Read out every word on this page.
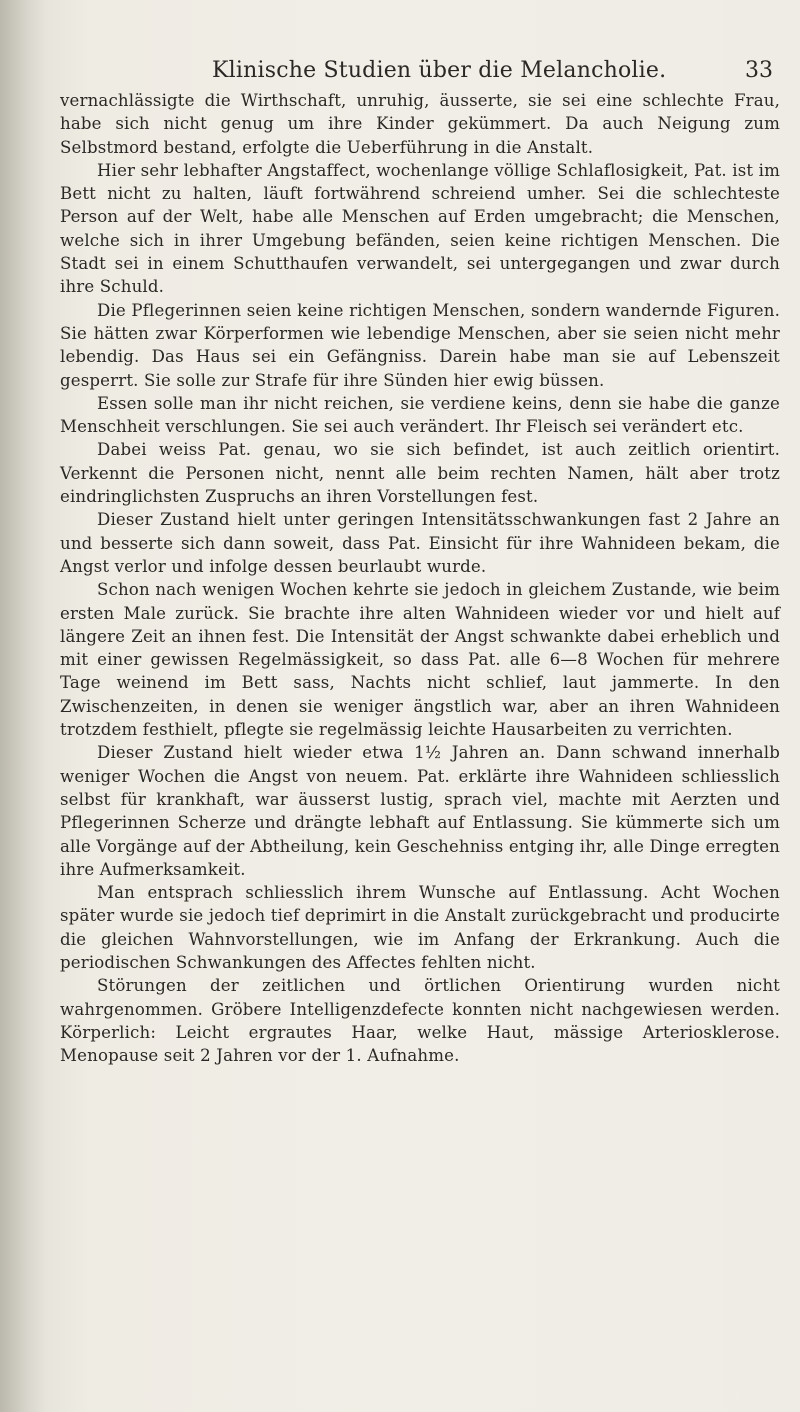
Klinische Studien über die Melancholie.	33

vernachlässigte die Wirthschaft, unruhig, äusserte, sie sei eine schlechte Frau, habe sich nicht genug um ihre Kinder gekümmert. Da auch Neigung zum Selbstmord bestand, erfolgte die Ueberführung in die Anstalt.

Hier sehr lebhafter Angstaffect, wochenlange völlige Schlaflosigkeit, Pat. ist im Bett nicht zu halten, läuft fortwährend schreiend umher. Sei die schlechteste Person auf der Welt, habe alle Menschen auf Erden umgebracht; die Menschen, welche sich in ihrer Umgebung befänden, seien keine richtigen Menschen. Die Stadt sei in einem Schutthaufen verwandelt, sei untergegangen und zwar durch ihre Schuld.

Die Pflegerinnen seien keine richtigen Menschen, sondern wandernde Figuren. Sie hätten zwar Körperformen wie lebendige Menschen, aber sie seien nicht mehr lebendig. Das Haus sei ein Gefängniss. Darein habe man sie auf Lebenszeit gesperrt. Sie solle zur Strafe für ihre Sünden hier ewig büssen.

Essen solle man ihr nicht reichen, sie verdiene keins, denn sie habe die ganze Menschheit verschlungen. Sie sei auch verändert. Ihr Fleisch sei verändert etc.

Dabei weiss Pat. genau, wo sie sich befindet, ist auch zeitlich orientirt. Verkennt die Personen nicht, nennt alle beim rechten Namen, hält aber trotz eindringlichsten Zuspruchs an ihren Vorstellungen fest.

Dieser Zustand hielt unter geringen Intensitätsschwankungen fast 2 Jahre an und besserte sich dann soweit, dass Pat. Einsicht für ihre Wahnideen bekam, die Angst verlor und infolge dessen beurlaubt wurde.

Schon nach wenigen Wochen kehrte sie jedoch in gleichem Zustande, wie beim ersten Male zurück. Sie brachte ihre alten Wahnideen wieder vor und hielt auf längere Zeit an ihnen fest. Die Intensität der Angst schwankte dabei erheblich und mit einer gewissen Regelmässigkeit, so dass Pat. alle 6—8 Wochen für mehrere Tage weinend im Bett sass, Nachts nicht schlief, laut jammerte. In den Zwischenzeiten, in denen sie weniger ängstlich war, aber an ihren Wahnideen trotzdem festhielt, pflegte sie regelmässig leichte Hausarbeiten zu verrichten.

Dieser Zustand hielt wieder etwa 1½ Jahren an. Dann schwand innerhalb weniger Wochen die Angst von neuem. Pat. erklärte ihre Wahnideen schliesslich selbst für krankhaft, war äusserst lustig, sprach viel, machte mit Aerzten und Pflegerinnen Scherze und drängte lebhaft auf Entlassung. Sie kümmerte sich um alle Vorgänge auf der Abtheilung, kein Geschehniss entging ihr, alle Dinge erregten ihre Aufmerksamkeit.

Man entsprach schliesslich ihrem Wunsche auf Entlassung. Acht Wochen später wurde sie jedoch tief deprimirt in die Anstalt zurückgebracht und producirte die gleichen Wahnvorstellungen, wie im Anfang der Erkrankung. Auch die periodischen Schwankungen des Affectes fehlten nicht.

Störungen der zeitlichen und örtlichen Orientirung wurden nicht wahrgenommen. Gröbere Intelligenzdefecte konnten nicht nachgewiesen werden. Körperlich: Leicht ergrautes Haar, welke Haut, mässige Arteriosklerose. Menopause seit 2 Jahren vor der 1. Aufnahme.
